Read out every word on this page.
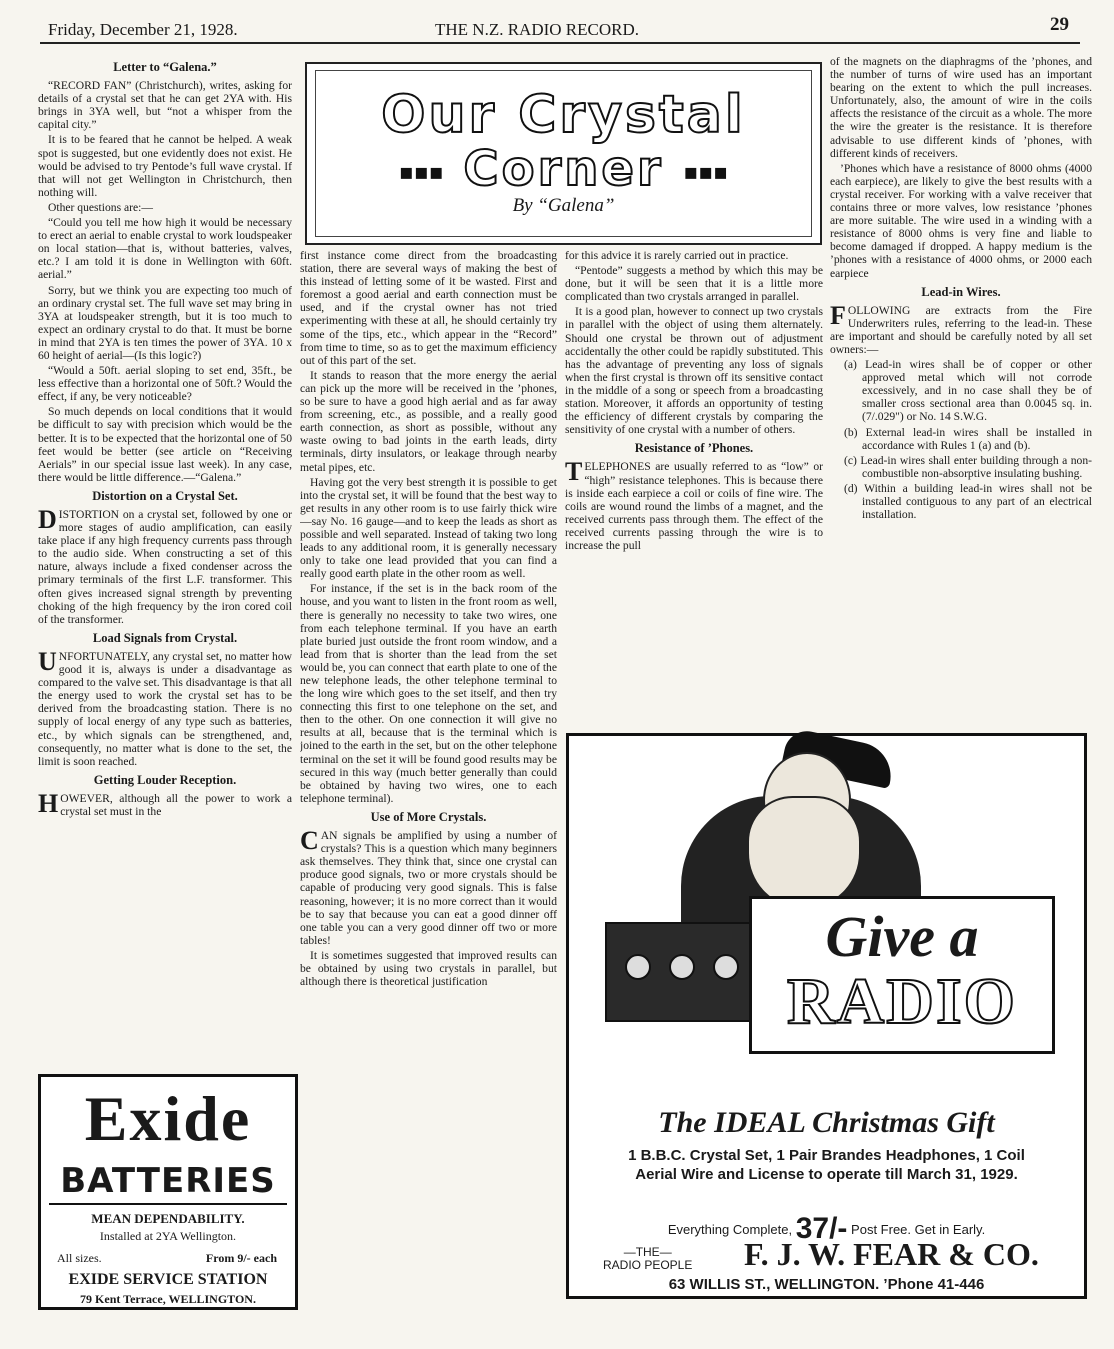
Friday, December 21, 1928.	THE N.Z. RADIO RECORD.	29
Letter to “Galena.”

“RECORD FAN” (Christchurch), writes, asking for details of a crystal set that he can get 2YA with. His brings in 3YA well, but “not a whisper from the capital city.”

It is to be feared that he cannot be helped. A weak spot is suggested, but one evidently does not exist. He would be advised to try Pentode’s full wave crystal. If that will not get Wellington in Christchurch, then nothing will.

Other questions are:—

“Could you tell me how high it would be necessary to erect an aerial to enable crystal to work loudspeaker on local station—that is, without batteries, valves, etc.? I am told it is done in Wellington with 60ft. aerial.”

Sorry, but we think you are expecting too much of an ordinary crystal set. The full wave set may bring in 3YA at loudspeaker strength, but it is too much to expect an ordinary crystal to do that. It must be borne in mind that 2YA is ten times the power of 3YA. 10 x 60 height of aerial—(Is this logic?)

“Would a 50ft. aerial sloping to set end, 35ft., be less effective than a horizontal one of 50ft.? Would the effect, if any, be very noticeable?

So much depends on local conditions that it would be difficult to say with precision which would be the better. It is to be expected that the horizontal one of 50 feet would be better (see article on “Receiving Aerials” in our special issue last week). In any case, there would be little difference.—“Galena.”

Distortion on a Crystal Set.

DISTORTION on a crystal set, followed by one or more stages of audio amplification, can easily take place if any high frequency currents pass through to the audio side. When constructing a set of this nature, always include a fixed condenser across the primary terminals of the first L.F. transformer. This often gives increased signal strength by preventing choking of the high frequency by the iron cored coil of the transformer.

Load Signals from Crystal.

UNFORTUNATELY, any crystal set, no matter how good it is, always is under a disadvantage as compared to the valve set. This disadvantage is that all the energy used to work the crystal set has to be derived from the broadcasting station. There is no supply of local energy of any type such as batteries, etc., by which signals can be strengthened, and, consequently, no matter what is done to the set, the limit is soon reached.

Getting Louder Reception.

HOWEVER, although all the power to work a crystal set must in the

Our Crystal
▪▪▪ Corner ▪▪▪
By “Galena”

first instance come direct from the broadcasting station, there are several ways of making the best of this instead of letting some of it be wasted. First and foremost a good aerial and earth connection must be used, and if the crystal owner has not tried experimenting with these at all, he should certainly try some of the tips, etc., which appear in the “Record” from time to time, so as to get the maximum efficiency out of this part of the set.

It stands to reason that the more energy the aerial can pick up the more will be received in the ’phones, so be sure to have a good high aerial and as far away from screening, etc., as possible, and a really good earth connection, as short as possible, without any waste owing to bad joints in the earth leads, dirty terminals, dirty insulators, or leakage through nearby metal pipes, etc.

Having got the very best strength it is possible to get into the crystal set, it will be found that the best way to get results in any other room is to use fairly thick wire—say No. 16 gauge—and to keep the leads as short as possible and well separated. Instead of taking two long leads to any additional room, it is generally necessary only to take one lead provided that you can find a really good earth plate in the other room as well.

For instance, if the set is in the back room of the house, and you want to listen in the front room as well, there is generally no necessity to take two wires, one from each telephone terminal. If you have an earth plate buried just outside the front room window, and a lead from that is shorter than the lead from the set would be, you can connect that earth plate to one of the new telephone leads, the other telephone terminal to the long wire which goes to the set itself, and then try connecting this first to one telephone on the set, and then to the other. On one connection it will give no results at all, because that is the terminal which is joined to the earth in the set, but on the other telephone terminal on the set it will be found good results may be secured in this way (much better generally than could be obtained by having two wires, one to each telephone terminal).

Use of More Crystals.

CAN signals be amplified by using a number of crystals? This is a question which many beginners ask themselves. They think that, since one crystal can produce good signals, two or more crystals should be capable of producing very good signals. This is false reasoning, however; it is no more correct than it would be to say that because you can eat a good dinner off one table you can a very good dinner off two or more tables!

It is sometimes suggested that improved results can be obtained by using two crystals in parallel, but although there is theoretical justification

for this advice it is rarely carried out in practice.

“Pentode” suggests a method by which this may be done, but it will be seen that it is a little more complicated than two crystals arranged in parallel.

It is a good plan, however to connect up two crystals in parallel with the object of using them alternately. Should one crystal be thrown out of adjustment accidentally the other could be rapidly substituted. This has the advantage of preventing any loss of signals when the first crystal is thrown off its sensitive contact in the middle of a song or speech from a broadcasting station. Moreover, it affords an opportunity of testing the efficiency of different crystals by comparing the sensitivity of one crystal with a number of others.

Resistance of ’Phones.

TELEPHONES are usually referred to as “low” or “high” resistance telephones. This is because there is inside each earpiece a coil or coils of fine wire. The coils are wound round the limbs of a magnet, and the received currents pass through them. The effect of the received currents passing through the wire is to increase the pull

of the magnets on the diaphragms of the ’phones, and the number of turns of wire used has an important bearing on the extent to which the pull increases. Unfortunately, also, the amount of wire in the coils affects the resistance of the circuit as a whole. The more the wire the greater is the resistance. It is therefore advisable to use different kinds of ’phones, with different kinds of receivers.

’Phones which have a resistance of 8000 ohms (4000 each earpiece), are likely to give the best results with a crystal receiver. For working with a valve receiver that contains three or more valves, low resistance ’phones are more suitable. The wire used in a winding with a resistance of 8000 ohms is very fine and liable to become damaged if dropped. A happy medium is the ’phones with a resistance of 4000 ohms, or 2000 each earpiece

Lead-in Wires.

FOLLOWING are extracts from the Fire Underwriters rules, referring to the lead-in. These are important and should be carefully noted by all set owners:—

(a) Lead-in wires shall be of copper or other approved metal which will not corrode excessively, and in no case shall they be of smaller cross sectional area than 0.0045 sq. in. (7/.029") or No. 14 S.W.G.
(b) External lead-in wires shall be installed in accordance with Rules 1 (a) and (b).
(c) Lead-in wires shall enter building through a non-combustible non-absorptive insulating bushing.
(d) Within a building lead-in wires shall not be installed contiguous to any part of an electrical installation.
Exide
BATTERIES
MEAN DEPENDABILITY.
Installed at 2YA Wellington.
All sizes.	From 9/- each
EXIDE SERVICE STATION
79 Kent Terrace, WELLINGTON.
Give a
RADIO
The IDEAL Christmas Gift
1 B.B.C. Crystal Set, 1 Pair Brandes Headphones, 1 Coil Aerial Wire and License to operate till March 31, 1929.
Everything Complete, 37/- Post Free. Get in Early.
—THE—
RADIO PEOPLE F. J. W. FEAR & CO.
63 WILLIS ST., WELLINGTON. ’Phone 41-446
